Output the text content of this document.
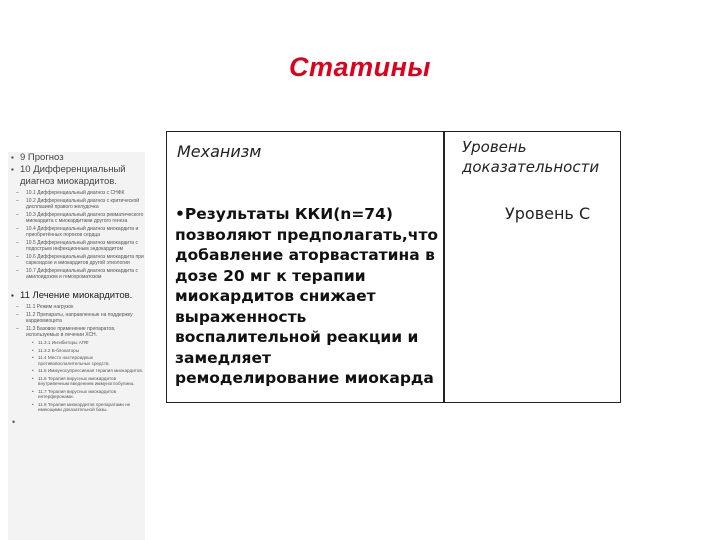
Статины
▪ 9 Прогноз
▪ 10 Дифференциальный диагноз миокардитов.
– 10.1 Дифференциальный диагноз с СНФК
– 10.2 Дифференциальный диагноз с критической дисплазией правого желудочка
– 10.3 Дифференциальный диагноз ревматического миокардита с миокардитами другого генеза
– 10.4 Дифференциальный диагноз миокардита и приобретённых пороков сердца
– 10.5 Дифференциальный диагноз миокардита с подострым инфекционным эндокардитом
– 10.6 Дифференциальный диагноз миокардита при саркоидозе и миокардитов другой этиологии
– 10.7 Дифференциальный диагноз миокардита с амилоидозом и гемохроматозом
▪ 11 Лечение миокардитов.
– 11.1 Режим нагрузок
– 11.2 Препараты, направленные на поддержку кардиомиоцита
– 11.3 Базовое применение препаратов, используемых в лечении ХСН.
• 11.3.1 Ингибиторы АПФ
• 11.3.2 Б-блокаторы
• 11.4 Место настероидных противовоспалительных средств.
• 11.5 Иммуносупрессивная терапия миокардитов.
• 11.6 Терапия вирусных миокардитов внутривенным введением иммуноглобулина.
• 11.7 Терапия вирусных миокардитов интерферонами.
• 11.8 Терапия миокардитов препаратами не имеющими доказательной базы.
•
Механизм
•Результаты ККИ(n=74) позволяют предполагать,что добавление аторвастатина в дозе 20 мг к терапии миокардитов снижает выраженность воспалительной реакции и замедляет ремоделирование миокарда
Уровень доказательности
Уровень С
